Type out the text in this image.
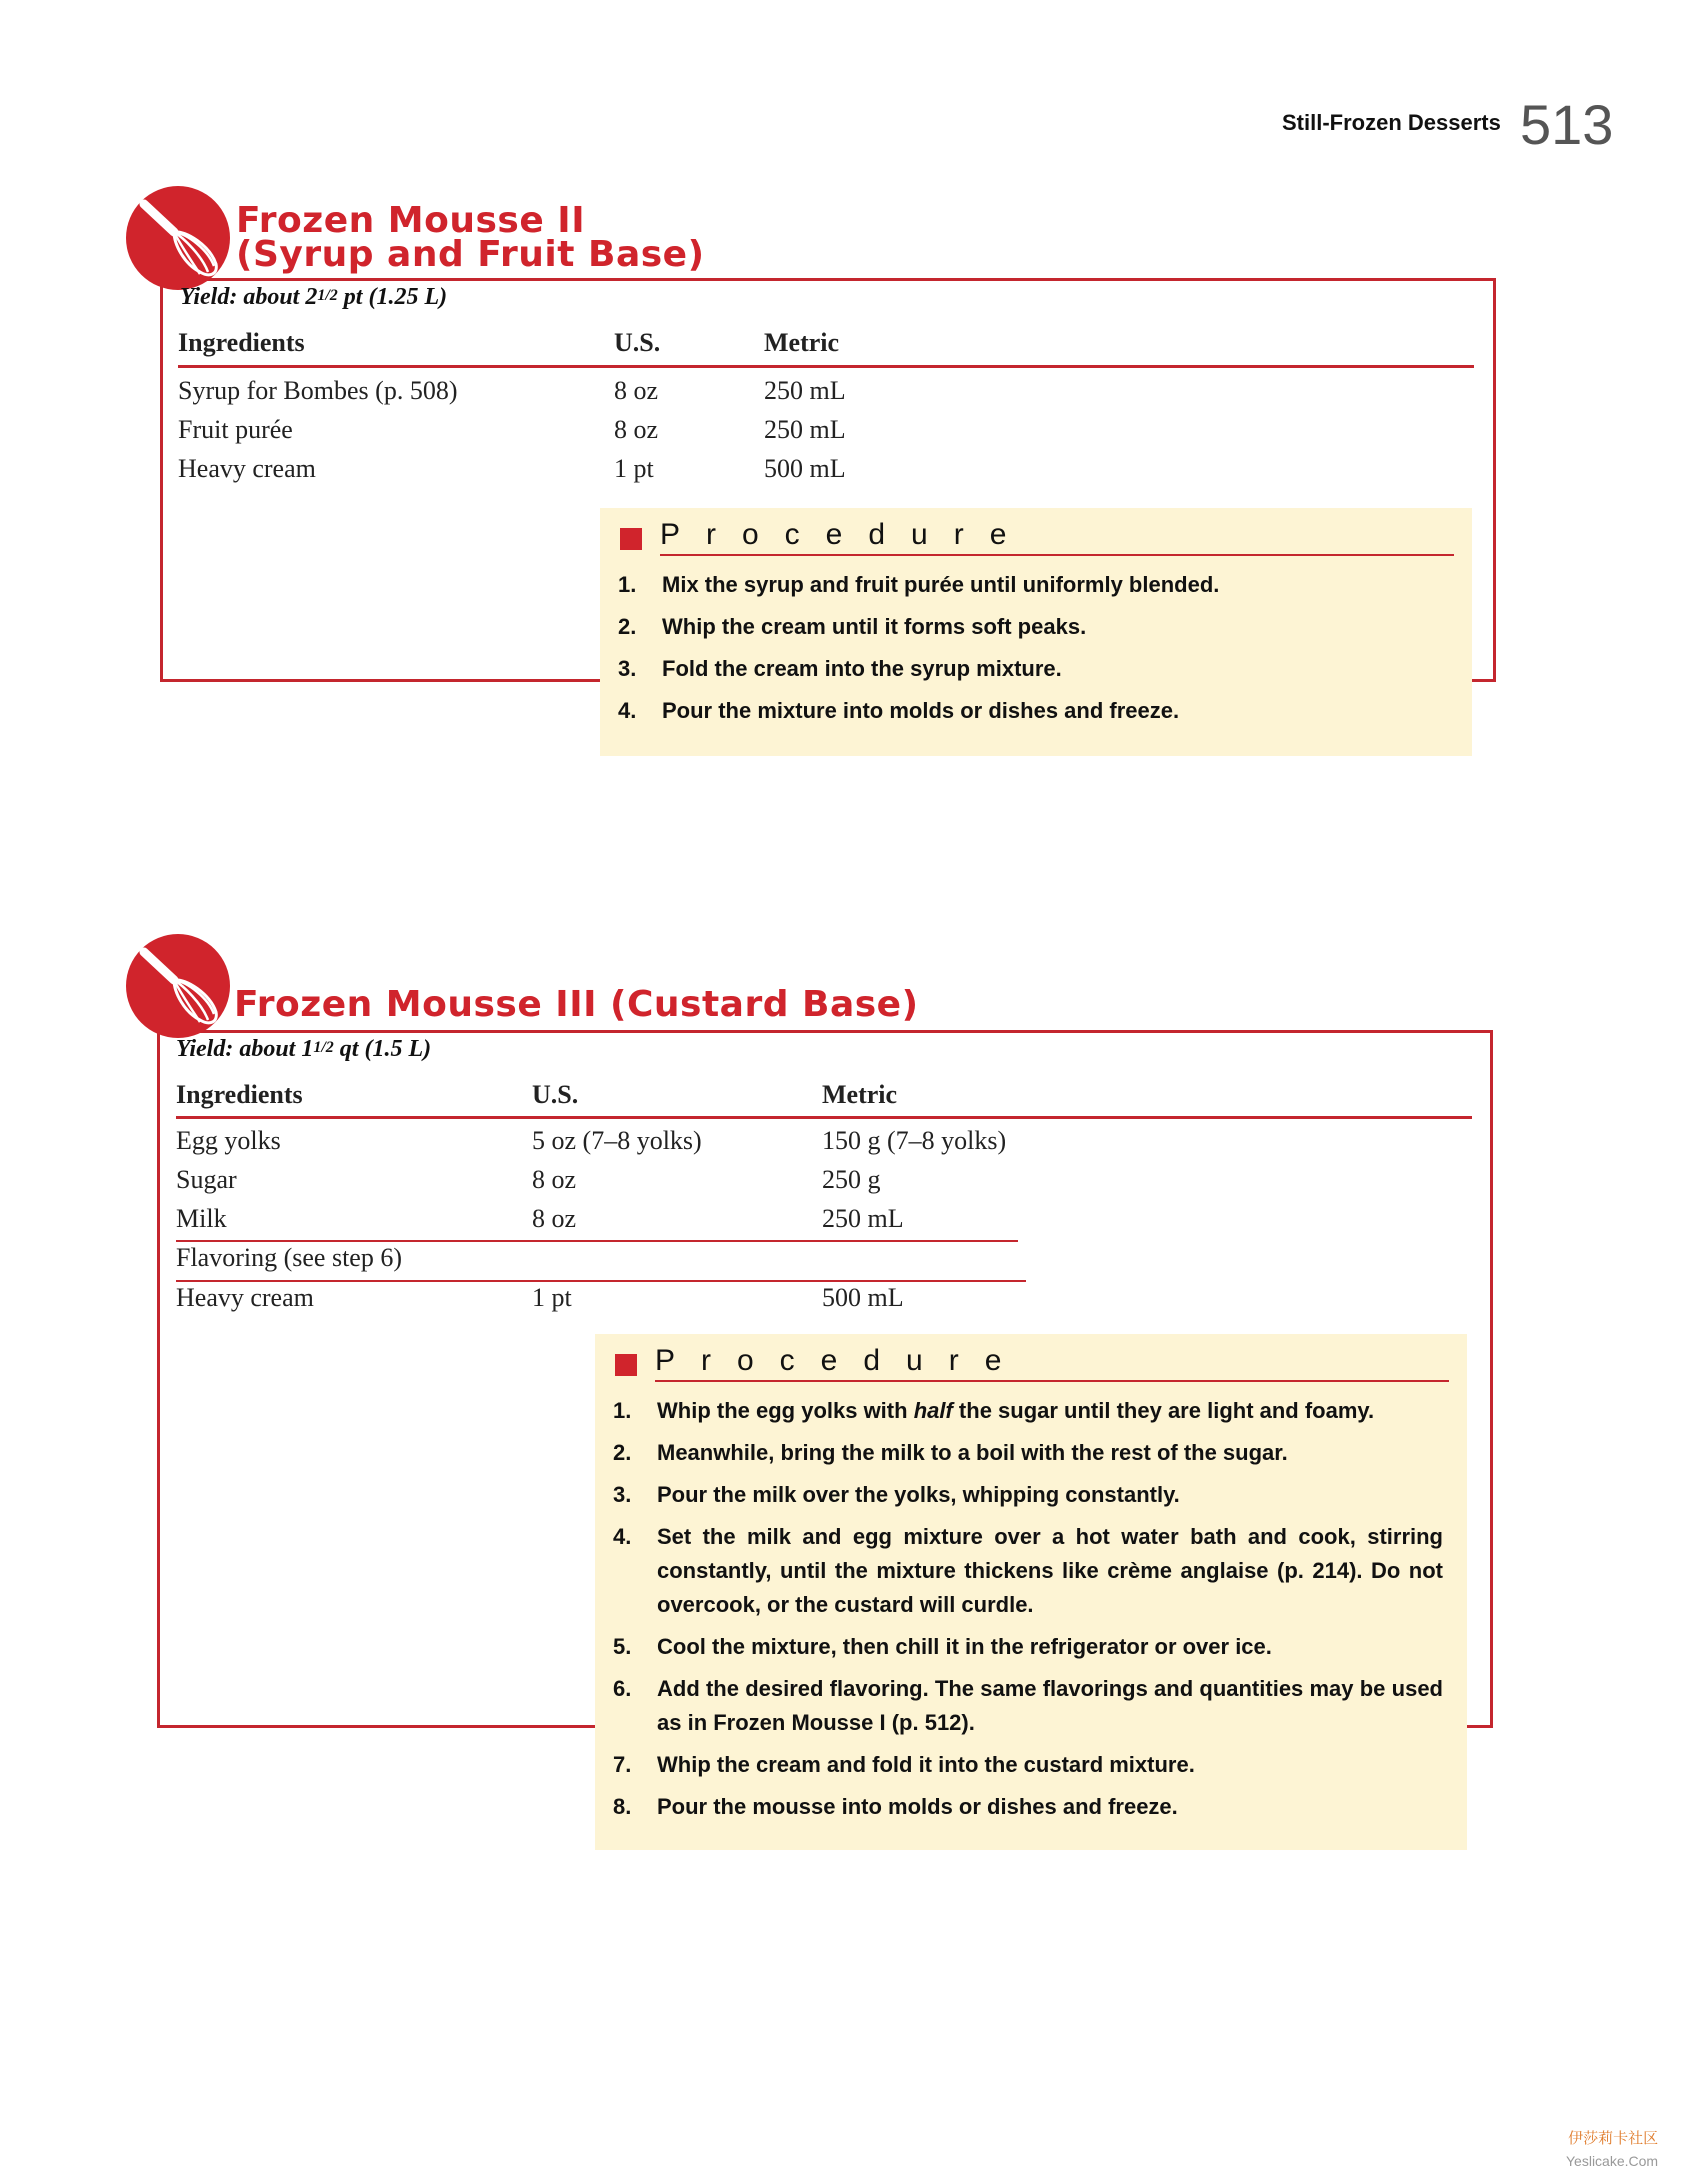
Still-Frozen Desserts 513
Frozen Mousse II
(Syrup and Fruit Base)
Yield: about 21/2 pt (1.25 L)
Ingredients	U.S.	Metric
Syrup for Bombes (p. 508)	8 oz	250 mL
Fruit purée	8 oz	250 mL
Heavy cream	1 pt	500 mL
Procedure
1. Mix the syrup and fruit purée until uniformly blended.
2. Whip the cream until it forms soft peaks.
3. Fold the cream into the syrup mixture.
4. Pour the mixture into molds or dishes and freeze.
Frozen Mousse III (Custard Base)
Yield: about 11/2 qt (1.5 L)
Ingredients	U.S.	Metric
Egg yolks	5 oz (7–8 yolks)	150 g (7–8 yolks)
Sugar	8 oz	250 g
Milk	8 oz	250 mL
Flavoring (see step 6)
Heavy cream	1 pt	500 mL
Procedure
1. Whip the egg yolks with half the sugar until they are light and foamy.
2. Meanwhile, bring the milk to a boil with the rest of the sugar.
3. Pour the milk over the yolks, whipping constantly.
4. Set the milk and egg mixture over a hot water bath and cook, stirring constantly, until the mixture thickens like crème anglaise (p. 214). Do not overcook, or the custard will curdle.
5. Cool the mixture, then chill it in the refrigerator or over ice.
6. Add the desired flavoring. The same flavorings and quantities may be used as in Frozen Mousse I (p. 512).
7. Whip the cream and fold it into the custard mixture.
8. Pour the mousse into molds or dishes and freeze.
伊莎莉卡社区
Yeslicake.Com
